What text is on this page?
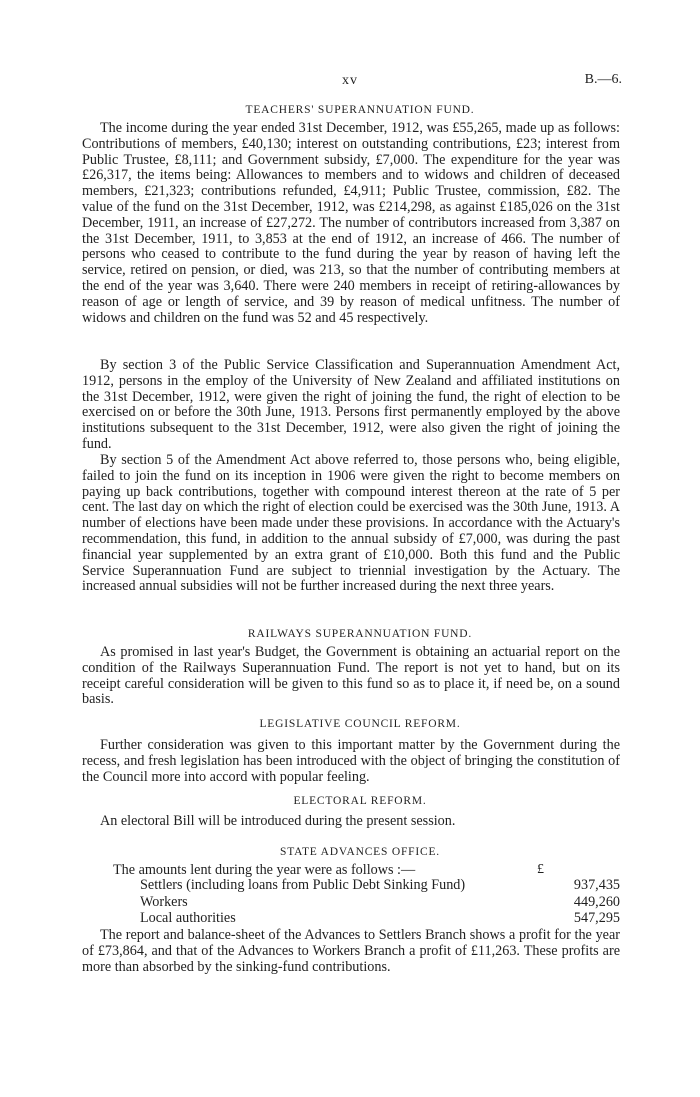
xv	B.—6.
TEACHERS' SUPERANNUATION FUND.

The income during the year ended 31st December, 1912, was £55,265, made up as follows: Contributions of members, £40,130; interest on outstanding contributions, £23; interest from Public Trustee, £8,111; and Government subsidy, £7,000. The expenditure for the year was £26,317, the items being: Allowances to members and to widows and children of deceased members, £21,323; contributions refunded, £4,911; Public Trustee, commission, £82. The value of the fund on the 31st December, 1912, was £214,298, as against £185,026 on the 31st December, 1911, an increase of £27,272. The number of contributors increased from 3,387 on the 31st December, 1911, to 3,853 at the end of 1912, an increase of 466. The number of persons who ceased to contribute to the fund during the year by reason of having left the service, retired on pension, or died, was 213, so that the number of contributing members at the end of the year was 3,640. There were 240 members in receipt of retiring-allowances by reason of age or length of service, and 39 by reason of medical unfitness. The number of widows and children on the fund was 52 and 45 respectively.

By section 3 of the Public Service Classification and Superannuation Amendment Act, 1912, persons in the employ of the University of New Zealand and affiliated institutions on the 31st December, 1912, were given the right of joining the fund, the right of election to be exercised on or before the 30th June, 1913. Persons first permanently employed by the above institutions subsequent to the 31st December, 1912, were also given the right of joining the fund.

By section 5 of the Amendment Act above referred to, those persons who, being eligible, failed to join the fund on its inception in 1906 were given the right to become members on paying up back contributions, together with compound interest thereon at the rate of 5 per cent. The last day on which the right of election could be exercised was the 30th June, 1913. A number of elections have been made under these provisions. In accordance with the Actuary's recommendation, this fund, in addition to the annual subsidy of £7,000, was during the past financial year supplemented by an extra grant of £10,000. Both this fund and the Public Service Superannuation Fund are subject to triennial investigation by the Actuary. The increased annual subsidies will not be further increased during the next three years.

RAILWAYS SUPERANNUATION FUND.

As promised in last year's Budget, the Government is obtaining an actuarial report on the condition of the Railways Superannuation Fund. The report is not yet to hand, but on its receipt careful consideration will be given to this fund so as to place it, if need be, on a sound basis.

LEGISLATIVE COUNCIL REFORM.

Further consideration was given to this important matter by the Government during the recess, and fresh legislation has been introduced with the object of bringing the constitution of the Council more into accord with popular feeling.

ELECTORAL REFORM.

An electoral Bill will be introduced during the present session.

STATE ADVANCES OFFICE.
The amounts lent during the year were as follows :—	£
Settlers (including loans from Public Debt Sinking Fund)	937,435
Workers	449,260
Local authorities	547,295

The report and balance-sheet of the Advances to Settlers Branch shows a profit for the year of £73,864, and that of the Advances to Workers Branch a profit of £11,263. These profits are more than absorbed by the sinking-fund contributions.
